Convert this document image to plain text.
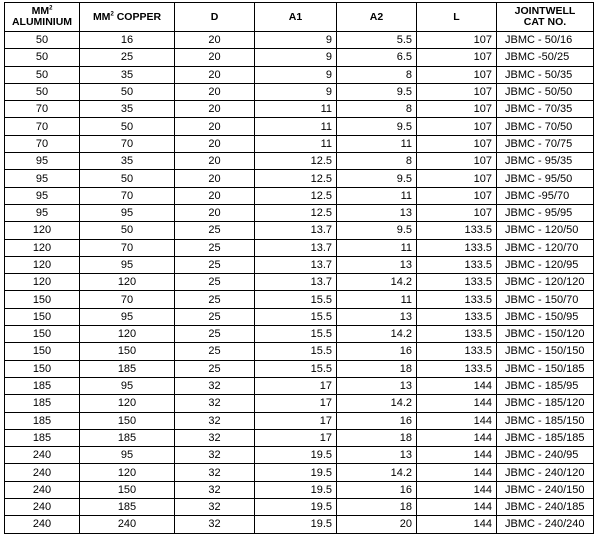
$MM^2$ ALUMINIUM	$MM^2$ COPPER	D	A1	A2	L	JOINTWELL
CAT NO.
50	16	20	9	5.5	107	JBMC - 50/16
50	25	20	9	6.5	107	JBMC -50/25
50	35	20	9	8	107	JBMC - 50/35
50	50	20	9	9.5	107	JBMC - 50/50
70	35	20	11	8	107	JBMC - 70/35
70	50	20	11	9.5	107	JBMC - 70/50
70	70	20	11	11	107	JBMC - 70/75
95	35	20	12.5	8	107	JBMC - 95/35
95	50	20	12.5	9.5	107	JBMC - 95/50
95	70	20	12.5	11	107	JBMC -95/70
95	95	20	12.5	13	107	JBMC - 95/95
120	50	25	13.7	9.5	133.5	JBMC - 120/50
120	70	25	13.7	11	133.5	JBMC - 120/70
120	95	25	13.7	13	133.5	JBMC - 120/95
120	120	25	13.7	14.2	133.5	JBMC - 120/120
150	70	25	15.5	11	133.5	JBMC - 150/70
150	95	25	15.5	13	133.5	JBMC - 150/95
150	120	25	15.5	14.2	133.5	JBMC - 150/120
150	150	25	15.5	16	133.5	JBMC - 150/150
150	185	25	15.5	18	133.5	JBMC - 150/185
185	95	32	17	13	144	JBMC - 185/95
185	120	32	17	14.2	144	JBMC - 185/120
185	150	32	17	16	144	JBMC - 185/150
185	185	32	17	18	144	JBMC - 185/185
240	95	32	19.5	13	144	JBMC - 240/95
240	120	32	19.5	14.2	144	JBMC - 240/120
240	150	32	19.5	16	144	JBMC - 240/150
240	185	32	19.5	18	144	JBMC - 240/185
240	240	32	19.5	20	144	JBMC - 240/240
